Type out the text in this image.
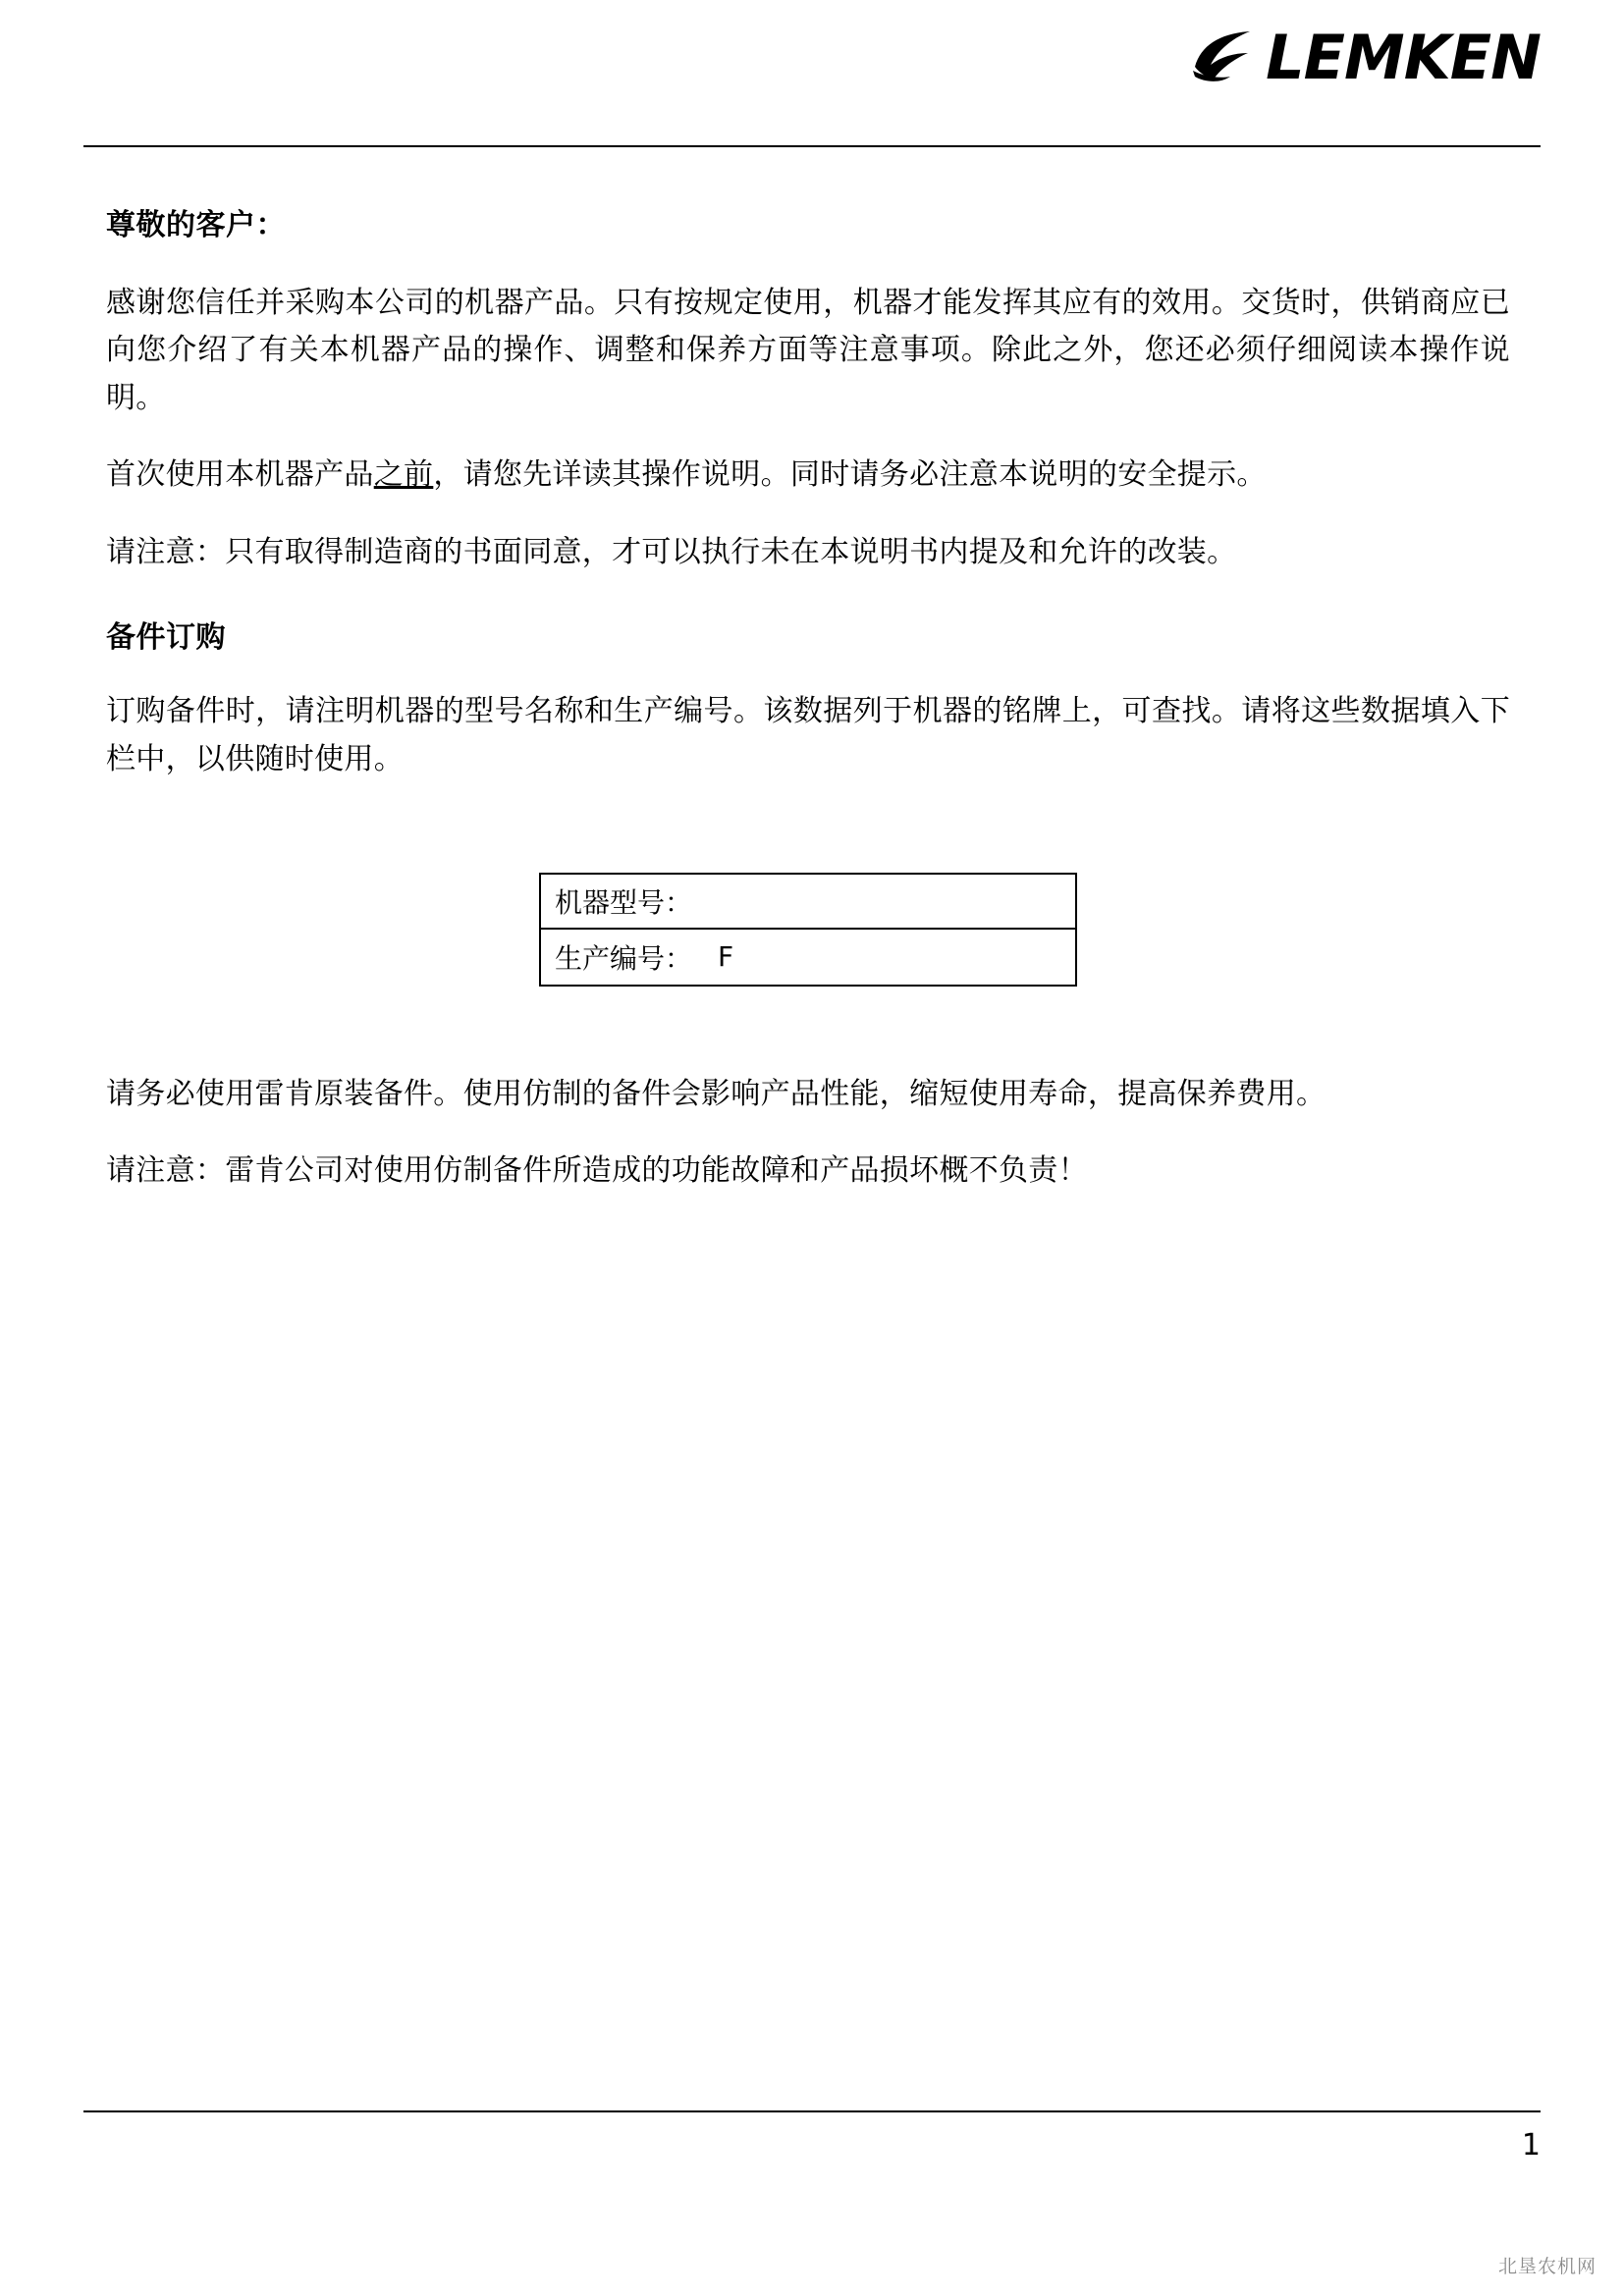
LEMKEN
尊敬的客户：

感谢您信任并采购本公司的机器产品。只有按规定使用，机器才能发挥其应有的效用。交货时，供销商应已向您介绍了有关本机器产品的操作、调整和保养方面等注意事项。除此之外，您还必须仔细阅读本操作说明。

首次使用本机器产品之前，请您先详读其操作说明。同时请务必注意本说明的安全提示。

请注意：只有取得制造商的书面同意，才可以执行未在本说明书内提及和允许的改装。

备件订购

订购备件时，请注明机器的型号名称和生产编号。该数据列于机器的铭牌上，可查找。请将这些数据填入下栏中，以供随时使用。

机器型号：
生产编号： F

请务必使用雷肯原装备件。使用仿制的备件会影响产品性能，缩短使用寿命，提高保养费用。

请注意：雷肯公司对使用仿制备件所造成的功能故障和产品损坏概不负责！

1
北垦农机网
